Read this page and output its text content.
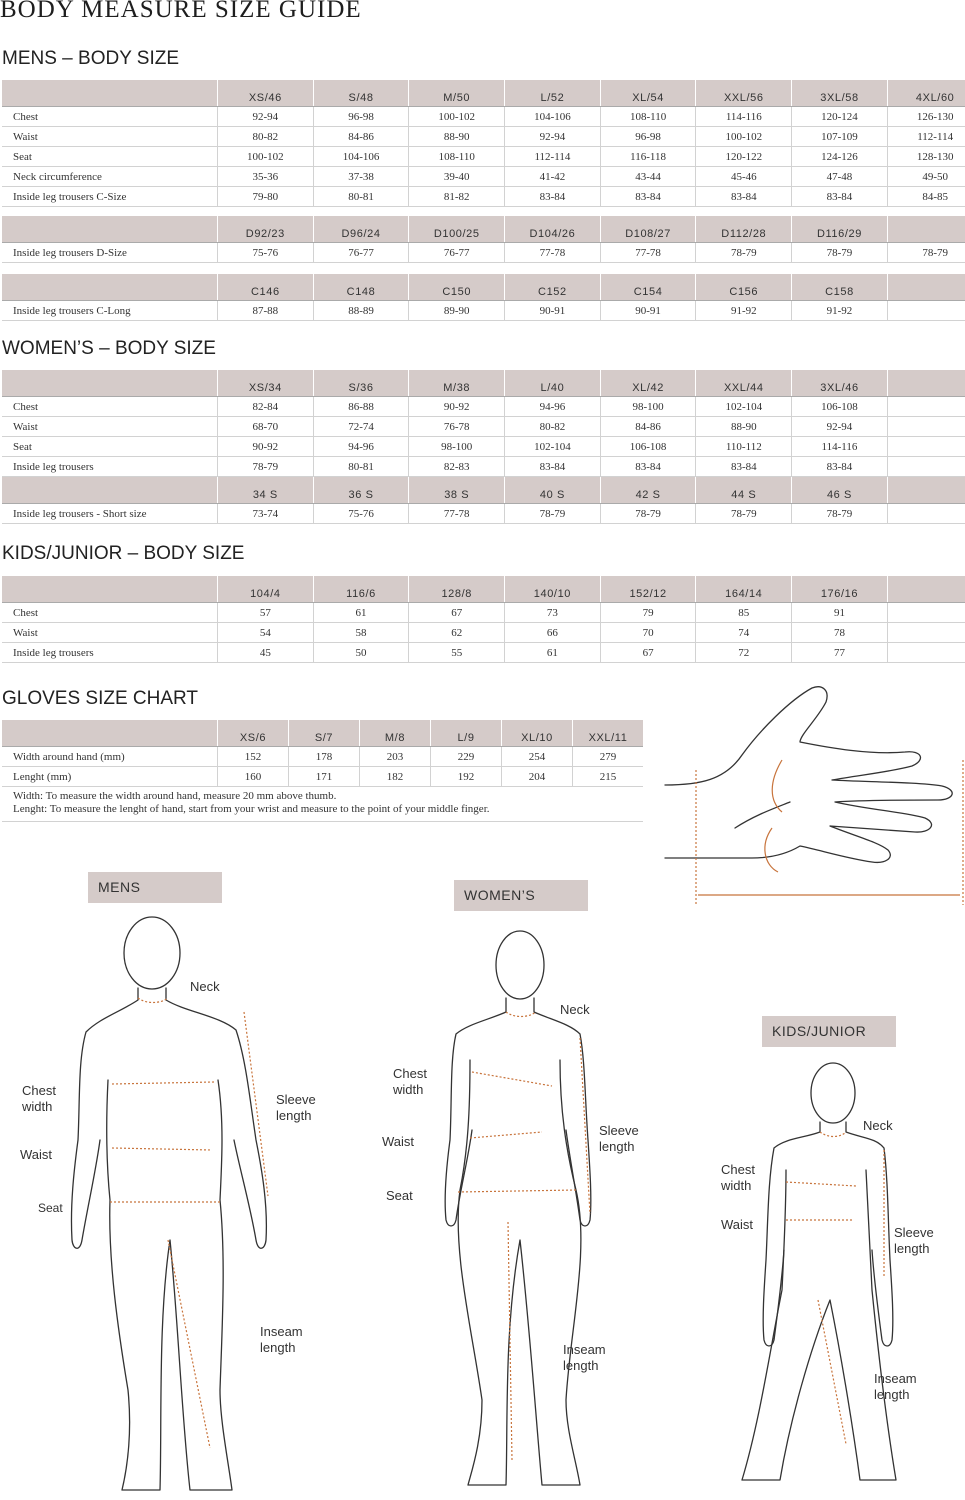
BODY MEASURE SIZE GUIDE
MENS – BODY SIZE
	XS/46	S/48	M/50	L/52	XL/54	XXL/56	3XL/58	4XL/60
Chest	92-94	96-98	100-102	104-106	108-110	114-116	120-124	126-130
Waist	80-82	84-86	88-90	92-94	96-98	100-102	107-109	112-114
Seat	100-102	104-106	108-110	112-114	116-118	120-122	124-126	128-130
Neck circumference	35-36	37-38	39-40	41-42	43-44	45-46	47-48	49-50
Inside leg trousers C-Size	79-80	80-81	81-82	83-84	83-84	83-84	83-84	84-85
	D92/23	D96/24	D100/25	D104/26	D108/27	D112/28	D116/29	
Inside leg trousers D-Size	75-76	76-77	76-77	77-78	77-78	78-79	78-79	78-79
	C146	C148	C150	C152	C154	C156	C158	
Inside leg trousers C-Long	87-88	88-89	89-90	90-91	90-91	91-92	91-92	
WOMEN’S – BODY SIZE
	XS/34	S/36	M/38	L/40	XL/42	XXL/44	3XL/46	
Chest	82-84	86-88	90-92	94-96	98-100	102-104	106-108	
Waist	68-70	72-74	76-78	80-82	84-86	88-90	92-94	
Seat	90-92	94-96	98-100	102-104	106-108	110-112	114-116	
Inside leg trousers	78-79	80-81	82-83	83-84	83-84	83-84	83-84	
	34 S	36 S	38 S	40 S	42 S	44 S	46 S	
Inside leg trousers - Short size	73-74	75-76	77-78	78-79	78-79	78-79	78-79	
KIDS/JUNIOR – BODY SIZE
	104/4	116/6	128/8	140/10	152/12	164/14	176/16	
Chest	57	61	67	73	79	85	91	
Waist	54	58	62	66	70	74	78	
Inside leg trousers	45	50	55	61	67	72	77	
GLOVES SIZE CHART
	XS/6	S/7	M/8	L/9	XL/10	XXL/11
Width around hand (mm)	152	178	203	229	254	279
Lenght (mm)	160	171	182	192	204	215

Width: To measure the width around hand, measure 20 mm above thumb.
Lenght: To measure the lenght of hand, start from your wrist and measure to the point of your middle finger.						
MENS	WOMEN’S
KIDS/JUNIOR
Neck
Chest
width	Sleeve
length
Waist
Seat
Inseam
length
Neck
Chest
width
Sleeve
length
Waist
Seat
Inseam
length
Neck
Chest
width
Sleeve
length
Waist
Inseam
length
